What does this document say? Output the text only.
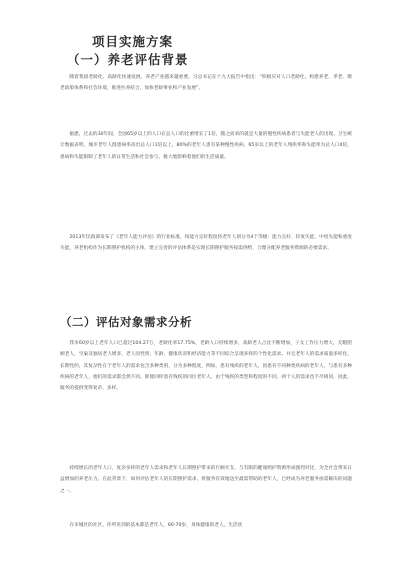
项目实施方案
（一）养老评估背景

随着我国老龄化、高龄化快速发展，养老产业越来越重要。习总书记在十九大报告中指出：“积极应对人口老龄化，构建养老、孝老、敬老政策体系和社会环境，推进医养结合，加快老龄事业和产业发展”。

据悉，过去的30年间，全国65岁以上的人口在总人口的比重增长了1倍，随之而来的就是大量的慢性疾病患者与失能老人的出现。卫生统计数据表明，城市老年人群患病率高出总人口1倍以上，80%的老年人患有某种慢性疾病，65岁以上的老年人残疾率和失能率为总人口4倍，患病和失能限制了老年人的日常生活和社会参与，极大地影响着他们的生活质量。

2013年民政部发布了《老年人能力评估》的行业标准，按能力完好程度将老年人划分为4个等级：能力完好、轻度失能、中度失能和重度失能，养老机构作为长期照护机构的主体，建立完善的评估体系是实现长期照护服务按需供给，合理分配养老服务资源的必要需求。

（二）评估对象需求分析

我市60岁以上老年人口已超过104.27万，老龄化率17.75%，老龄人口持续增多，高龄老人占比不断增加，子女工作压力增大，无暇照顾老人，空巢及独居老人增多，老人因性别、年龄、健康状况和经济能力等不同综合呈现多样的个性化需求。并且老年人的需求质量多样化，长期性的，其复杂性在于老年人的需求包含多种类别，分为多种程度，例如，患有残疾的老年人，因患有不同种类疾病的老年人，与患有多种疾病的老年人，他们的需求都会然不同。即使同样患有残疾的同位老年人，由于残疾的类型和程度的不同，两个人的需求也不尽相同，因此，服务的提供变得复杂、多样。

持续增长的老年人口，复杂多样的老年人需求和老年人长期照护带来的巨额开支，与有限的健康照护资源形成强烈对比，为全社会带来日益增加的养老压力。在此背景下，如何评估老年人的长期照护需求，将服务有效地送至最需帮助的老年人，已经成为养老服务亟需解决的问题之一。

在市城区的社区，你所见到的基本都是老年人，60-70岁，身体健康的老人，生活状
